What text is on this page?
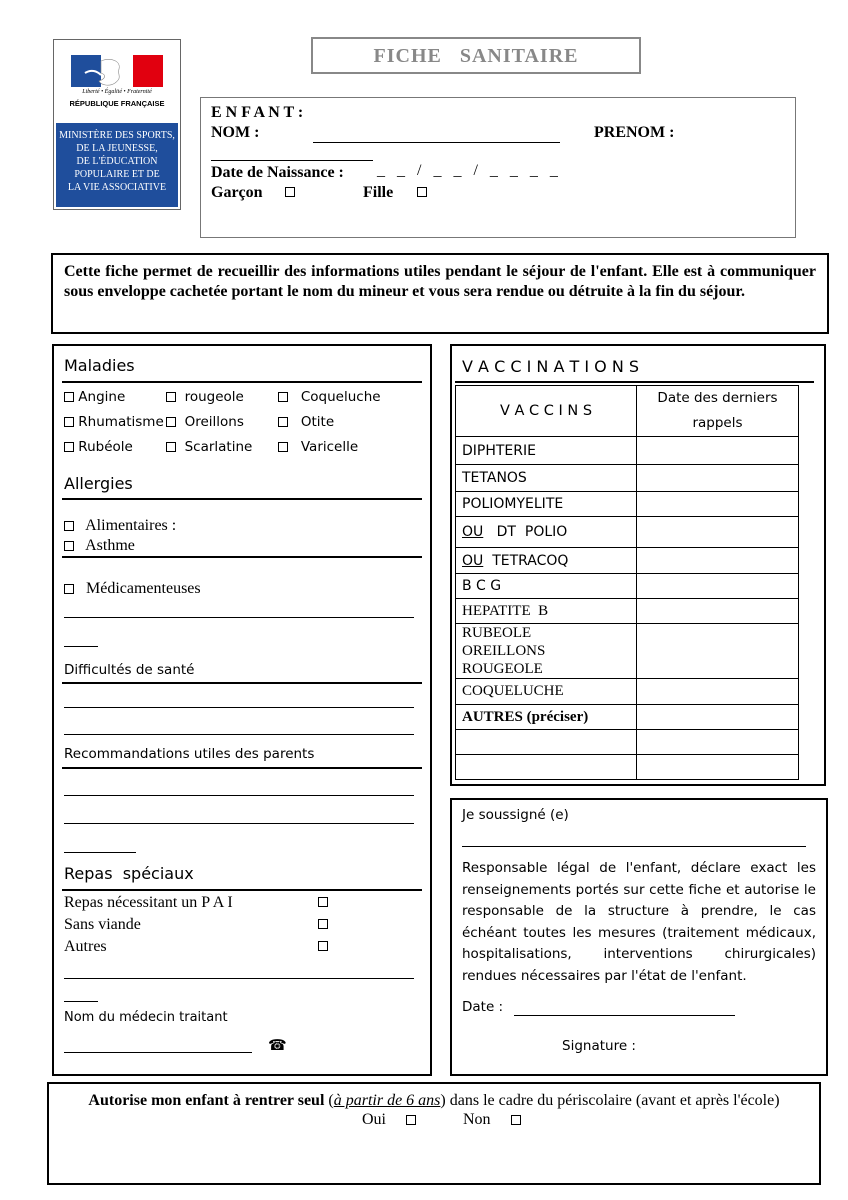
Liberté • Égalité • Fraternité
RÉPUBLIQUE FRANÇAISE
MINISTÈRE DES SPORTS,
DE LA JEUNESSE,
DE L'ÉDUCATION
POPULAIRE ET DE
LA VIE ASSOCIATIVE
FICHE   SANITAIRE
E N F A N T :
NOM :	PRENOM :
Date de Naissance : _   _   /   _   _   /   _   _   _   _
Garçon	Fille
Cette fiche permet de recueillir des informations utiles pendant le séjour de l'enfant. Elle est à communiquer sous enveloppe cachetée portant le nom du mineur et vous sera rendue ou détruite à la fin du séjour.
Maladies
Angine	rougeole	Coqueluche
Rhumatisme	Oreillons	Otite
Rubéole	Scarlatine	Varicelle
Allergies
Alimentaires :
Asthme
Médicamenteuses
Difficultés de santé
Recommandations utiles des parents
Repas  spéciaux
Repas nécessitant un P A I
Sans viande
Autres
Nom du médecin traitant
☎
V A C C I N A T I O N S
V A C C I N S	Date des derniers rappels
DIPHTERIE	
TETANOS	
POLIOMYELITE	
OU DT  POLIO	
OU TETRACOQ	
B C G	
HEPATITE  B	

RUBEOLE
OREILLONS
ROUGEOLE	

COQUELUCHE	
AUTRES (préciser)	

Je soussigné (e)
Responsable légal de l'enfant, déclare exact les renseignements portés sur cette fiche et autorise le responsable de la structure à prendre, le cas échéant toutes les mesures (traitement médicaux, hospitalisations, interventions chirurgicales) rendues nécessaires par l'état de l'enfant.
Date :
Signature :
Autorise mon enfant à rentrer seul (à partir de 6 ans) dans le cadre du périscolaire (avant et après l'école)
Oui	Non
